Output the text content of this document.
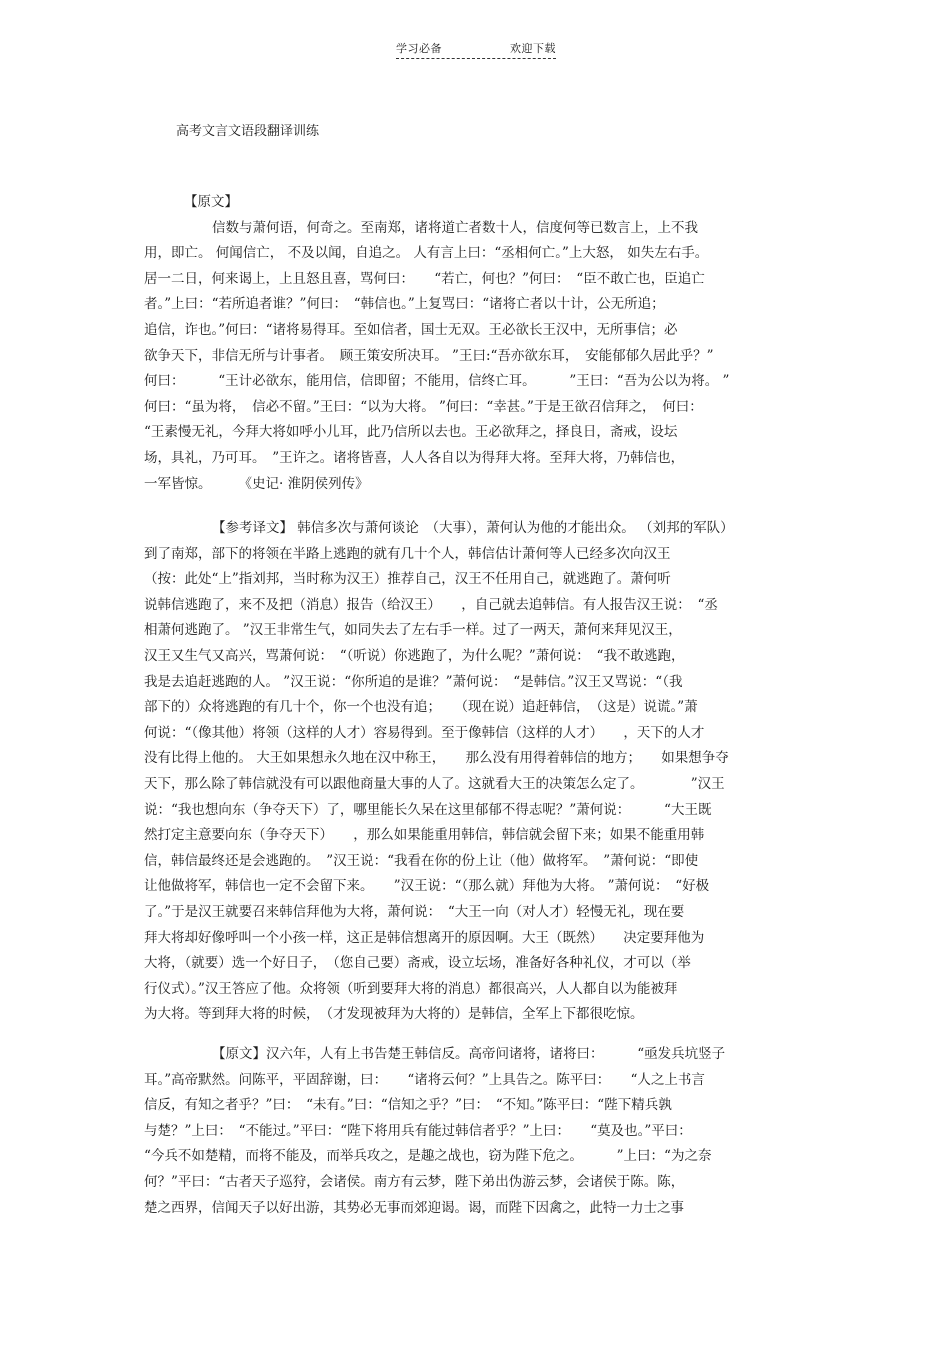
学习必备	欢迎下载
高考文言文语段翻译训练
【原文】
信数与萧何语，何奇之。至南郑，诸将道亡者数十人，信度何等已数言上，上不我
用，即亡。 何闻信亡， 不及以闻，自追之。 人有言上曰：“丞相何亡。”上大怒， 如失左右手。
居一二日，何来谒上，上且怒且喜，骂何曰：　　“若亡，何也？”何曰：　“臣不敢亡也，臣追亡
者。”上曰：“若所追者谁？”何曰：　“韩信也。”上复骂曰：“诸将亡者以十计，公无所追；
追信，诈也。”何曰：“诸将易得耳。至如信者，国士无双。王必欲长王汉中，无所事信；必
欲争天下，非信无所与计事者。　顾王策安所决耳。 ”王曰:“吾亦欲东耳，　安能郁郁久居此乎？”
何曰：　　　“王计必欲东，能用信，信即留；不能用，信终亡耳。　　　”王曰：“吾为公以为将。 ”
何曰：“虽为将，　信必不留。”王曰：“以为大将。 ”何曰：“幸甚。”于是王欲召信拜之，　何曰：
“王素慢无礼，今拜大将如呼小儿耳，此乃信所以去也。王必欲拜之，择良日，斋戒，设坛
场，具礼，乃可耳。　”王许之。诸将皆喜，人人各自以为得拜大将。至拜大将，乃韩信也，
一军皆惊。　　　《史记· 淮阴侯列传》
【参考译文】 韩信多次与萧何谈论　（大事），萧何认为他的才能出众。 （刘邦的军队）
到了南郑，部下的将领在半路上逃跑的就有几十个人，韩信估计萧何等人已经多次向汉王
（按：此处“上”指刘邦，当时称为汉王）推荐自己，汉王不任用自己，就逃跑了。萧何听
说韩信逃跑了，来不及把（消息）报告（给汉王）　　，自己就去追韩信。有人报告汉王说：　“丞
相萧何逃跑了。 ”汉王非常生气，如同失去了左右手一样。过了一两天，萧何来拜见汉王，
汉王又生气又高兴，骂萧何说：　“（听说）你逃跑了，为什么呢？”萧何说：　“我不敢逃跑，
我是去追赶逃跑的人。 ”汉王说：“你所追的是谁？”萧何说：　“是韩信。”汉王又骂说：“（我
部下的）众将逃跑的有几十个，你一个也没有追；　　（现在说）追赶韩信，　（这是）说谎。”萧
何说：“（像其他）将领（这样的人才）容易得到。至于像韩信（这样的人才）　　，天下的人才
没有比得上他的。 大王如果想永久地在汉中称王，　　那么没有用得着韩信的地方；　　如果想争夺
天下，那么除了韩信就没有可以跟他商量大事的人了。这就看大王的决策怎么定了。　　　　”汉王
说：“我也想向东（争夺天下）了，哪里能长久呆在这里郁郁不得志呢？”萧何说：　　　“大王既
然打定主意要向东（争夺天下）　　，那么如果能重用韩信，韩信就会留下来；如果不能重用韩
信，韩信最终还是会逃跑的。　”汉王说：“我看在你的份上让（他）做将军。　”萧何说：“即使
让他做将军，韩信也一定不会留下来。　　”汉王说：“（那么就）拜他为大将。 ”萧何说：　“好极
了。”于是汉王就要召来韩信拜他为大将，萧何说：　“大王一向（对人才）轻慢无礼，现在要
拜大将却好像呼叫一个小孩一样，这正是韩信想离开的原因啊。大王（既然）　　决定要拜他为
大将，（就要）选一个好日子，　（您自己要）斋戒，设立坛场，准备好各种礼仪，才可以（举
行仪式）。”汉王答应了他。众将领（听到要拜大将的消息）都很高兴，人人都自以为能被拜
为大将。等到拜大将的时候，　（才发现被拜为大将的）是韩信，全军上下都很吃惊。
【原文】汉六年，人有上书告楚王韩信反。高帝问诸将，诸将曰：　　　“亟发兵坑竖子
耳。”高帝默然。问陈平，平固辞谢，曰：　　“诸将云何？”上具告之。陈平曰：　　“人之上书言
信反，有知之者乎？”曰：　“未有。”曰：“信知之乎？”曰：　“不知。”陈平曰：“陛下精兵孰
与楚？”上曰：　“不能过。”平曰：“陛下将用兵有能过韩信者乎？”上曰：　　“莫及也。”平曰：
“今兵不如楚精，而将不能及，而举兵攻之，是趣之战也，窃为陛下危之。　　　”上曰：“为之奈
何？”平曰：“古者天子巡狩，会诸侯。南方有云梦，陛下弟出伪游云梦，会诸侯于陈。陈，
楚之西界，信闻天子以好出游，其势必无事而郊迎谒。谒，而陛下因禽之，此特一力士之事
